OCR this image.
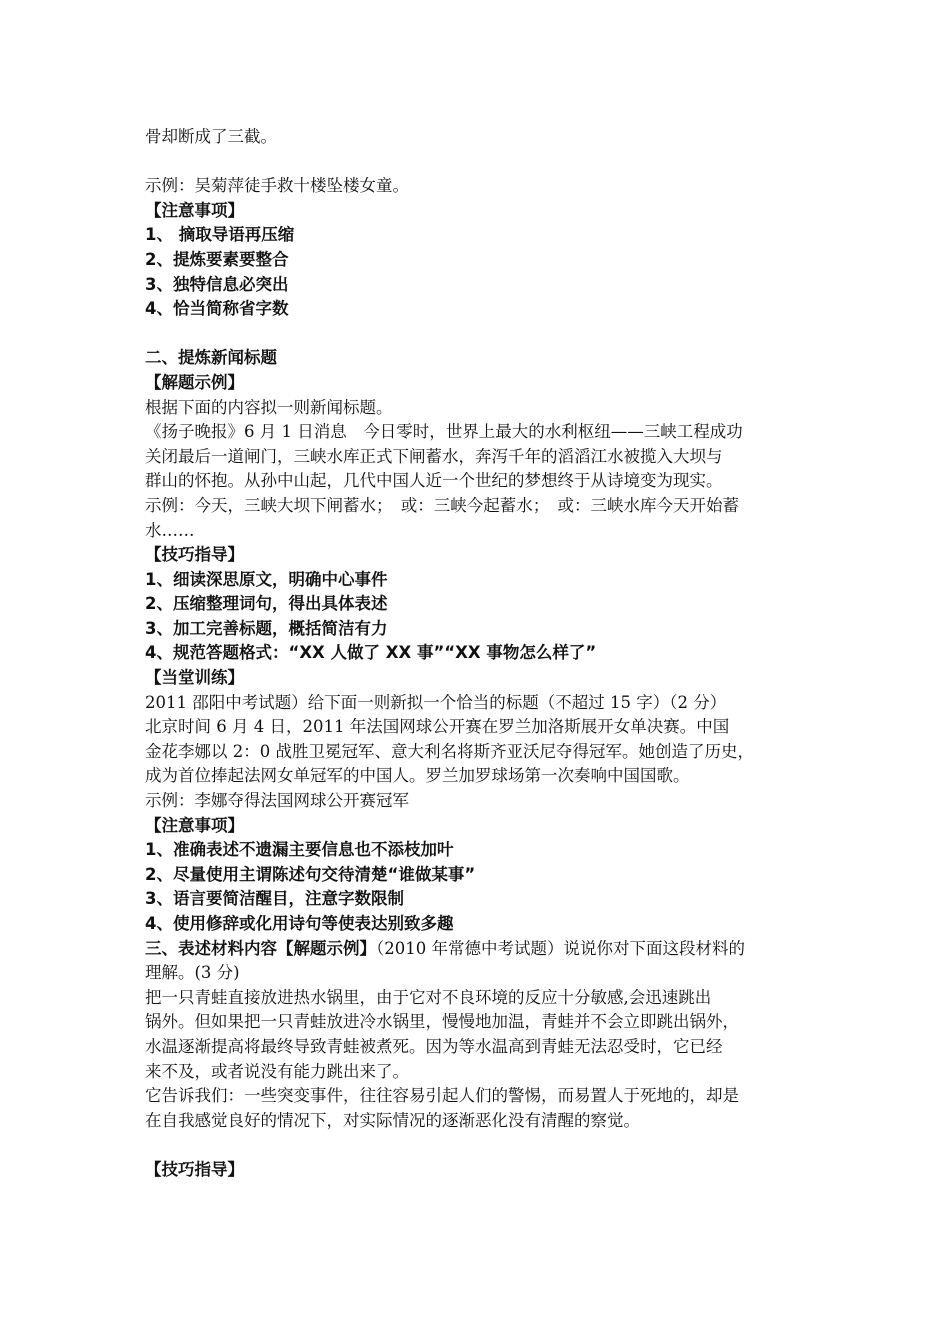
骨却断成了三截。
示例：吴菊萍徒手救十楼坠楼女童。
【注意事项】
1、 摘取导语再压缩
2、提炼要素要整合
3、独特信息必突出
4、恰当简称省字数
二、提炼新闻标题
【解题示例】
根据下面的内容拟一则新闻标题。
《扬子晚报》6 月 1 日消息　今日零时，世界上最大的水利枢纽——三峡工程成功
关闭最后一道闸门，三峡水库正式下闸蓄水，奔泻千年的滔滔江水被揽入大坝与
群山的怀抱。从孙中山起，几代中国人近一个世纪的梦想终于从诗境变为现实。
示例：今天，三峡大坝下闸蓄水；　或：三峡今起蓄水；　或：三峡水库今天开始蓄
水……
【技巧指导】
1、细读深思原文，明确中心事件
2、压缩整理词句，得出具体表述
3、加工完善标题，概括简洁有力
4、规范答题格式：“XX 人做了 XX 事”“XX 事物怎么样了”
【当堂训练】
2011 邵阳中考试题）给下面一则新拟一个恰当的标题（不超过 15 字）（2 分）
北京时间 6 月 4 日，2011 年法国网球公开赛在罗兰加洛斯展开女单决赛。中国
金花李娜以 2：0 战胜卫冕冠军、意大利名将斯齐亚沃尼夺得冠军。她创造了历史，
成为首位捧起法网女单冠军的中国人。罗兰加罗球场第一次奏响中国国歌。
示例：李娜夺得法国网球公开赛冠军
【注意事项】
1、准确表述不遗漏主要信息也不添枝加叶
2、尽量使用主谓陈述句交待清楚“谁做某事”
3、语言要简洁醒目，注意字数限制
4、使用修辞或化用诗句等使表达别致多趣
三、表述材料内容【解题示例】（2010 年常德中考试题）说说你对下面这段材料的
理解。(3 分)
把一只青蛙直接放进热水锅里，由于它对不良环境的反应十分敏感,会迅速跳出
锅外。但如果把一只青蛙放进冷水锅里，慢慢地加温，青蛙并不会立即跳出锅外，
水温逐渐提高将最终导致青蛙被煮死。因为等水温高到青蛙无法忍受时，它已经
来不及，或者说没有能力跳出来了。
它告诉我们：一些突变事件，往往容易引起人们的警惕，而易置人于死地的，却是
在自我感觉良好的情况下，对实际情况的逐渐恶化没有清醒的察觉。
【技巧指导】
